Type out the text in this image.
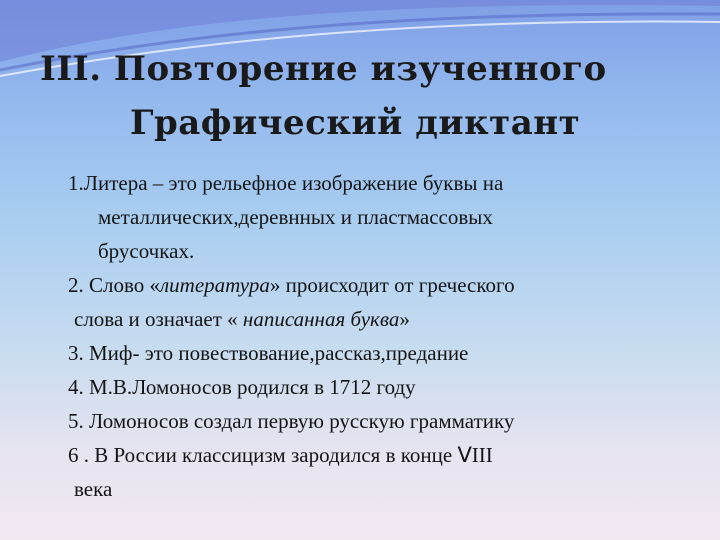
III. Повторение изученного
Графический диктант
1.Литера – это рельефное изображение буквы на
металлических,деревнных и пластмассовых
брусочках.
2. Слово «литература» происходит от греческого
слова и означает « написанная буква»
3. Миф- это повествование,рассказ,предание
4. М.В.Ломоносов родился в 1712 году
5. Ломоносов создал первую русскую грамматику
6 . В России классицизм зародился в конце ⅤIII
века
